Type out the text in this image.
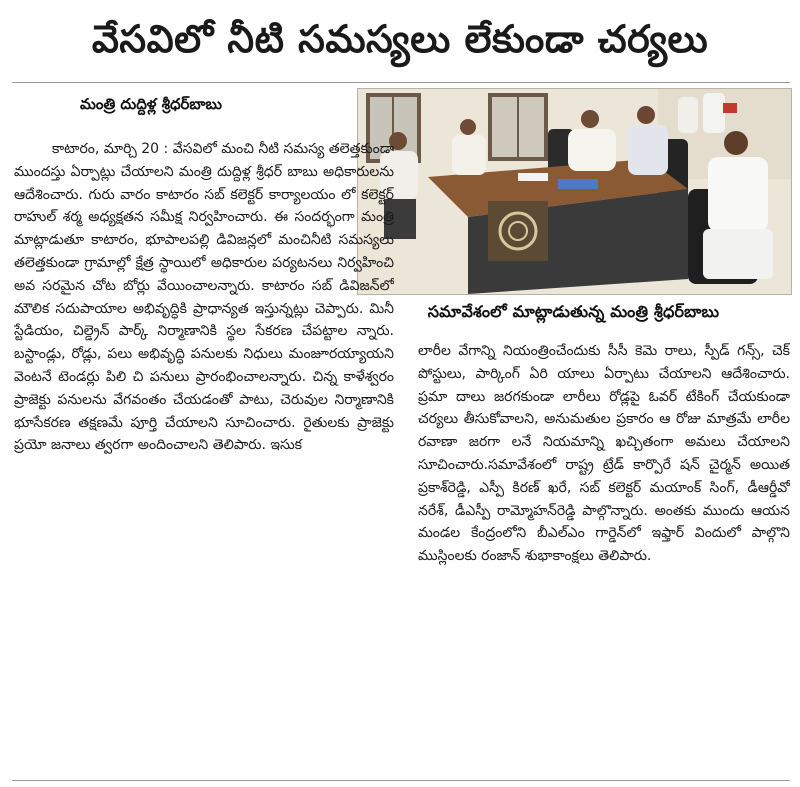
వేసవిలో నీటి సమస్యలు లేకుండా చర్యలు
మంత్రి దుద్దిళ్ల శ్రీధర్‌బాబు
సమావేశంలో మాట్లాడుతున్న మంత్రి శ్రీధర్‌బాబు

కాటారం, మార్చి 20 : వేసవిలో మంచి నీటి సమస్య తలెత్తకుండా ముందస్తు ఏర్పాట్లు చేయాలని మంత్రి దుద్దిళ్ల శ్రీధర్ బాబు అధికారులను ఆదేశించారు. గురు వారం కాటారం సబ్ కలెక్టర్ కార్యాలయం లో కలెక్టర్ రాహుల్ శర్మ అధ్యక్షతన సమీక్ష నిర్వహించారు. ఈ సందర్భంగా మంత్రి మాట్లాడుతూ కాటారం, భూపాలపల్లి డివిజన్లలో మంచినీటి సమస్యలు తలెత్తకుండా గ్రామాల్లో క్షేత్ర స్థాయిలో అధికారుల పర్యటనలు నిర్వహించి అవ సరమైన చోట బోర్లు వేయించాలన్నారు. కాటారం సబ్ డివిజన్‌లో మౌలిక సదుపాయాల అభివృద్ధికి ప్రాధాన్యత ఇస్తున్నట్లు చెప్పారు. మినీ స్టేడియం, చిల్డ్రెన్ పార్క్ నిర్మాణానికి స్థల సేకరణ చేపట్టాల న్నారు. బస్టాండ్లు, రోడ్లు, పలు అభివృద్ధి పనులకు నిధులు మంజూరయ్యాయని వెంటనే టెండర్లు పిలి చి పనులు ప్రారంభించాలన్నారు. చిన్న కాళేశ్వరం ప్రాజెక్టు పనులను వేగవంతం చేయడంతో పాటు, చెరువుల నిర్మాణానికి భూసేకరణ తక్షణమే పూర్తి చేయాలని సూచించారు. రైతులకు ప్రాజెక్టు ప్రయో జనాలు త్వరగా అందించాలని తెలిపారు. ఇసుక

లారీల వేగాన్ని నియంత్రించేందుకు సీసీ కెమె రాలు, స్పీడ్ గన్స్, చెక్ పోస్టులు, పార్కింగ్ ఏరి యాలు ఏర్పాటు చేయాలని ఆదేశించారు. ప్రమా దాలు జరగకుండా లారీలు రోడ్లపై ఓవర్ టేకింగ్ చేయకుండా చర్యలు తీసుకోవాలని, అనుమతుల ప్రకారం ఆ రోజు మాత్రమే లారీల రవాణా జరగా లనే నియమాన్ని ఖచ్చితంగా అమలు చేయాలని సూచించారు.సమావేశంలో రాష్ట్ర ట్రేడ్ కార్పొరే షన్ చైర్మన్ అయిత ప్రకాశ్‌రెడ్డి, ఎస్పీ కిరణ్ ఖరే, సబ్ కలెక్టర్ మయాంక్ సింగ్, డీఆర్డీవో నరేశ్, డీఎస్పీ రామ్మోహన్‌రెడ్డి పాల్గొన్నారు. అంతకు ముందు ఆయన మండల కేంద్రంలోని బీఎల్‌ఎం గార్డెన్‌లో ఇఫ్తార్ విందులో పాల్గొని ముస్లింలకు రంజాన్ శుభాకాంక్షలు తెలిపారు.
